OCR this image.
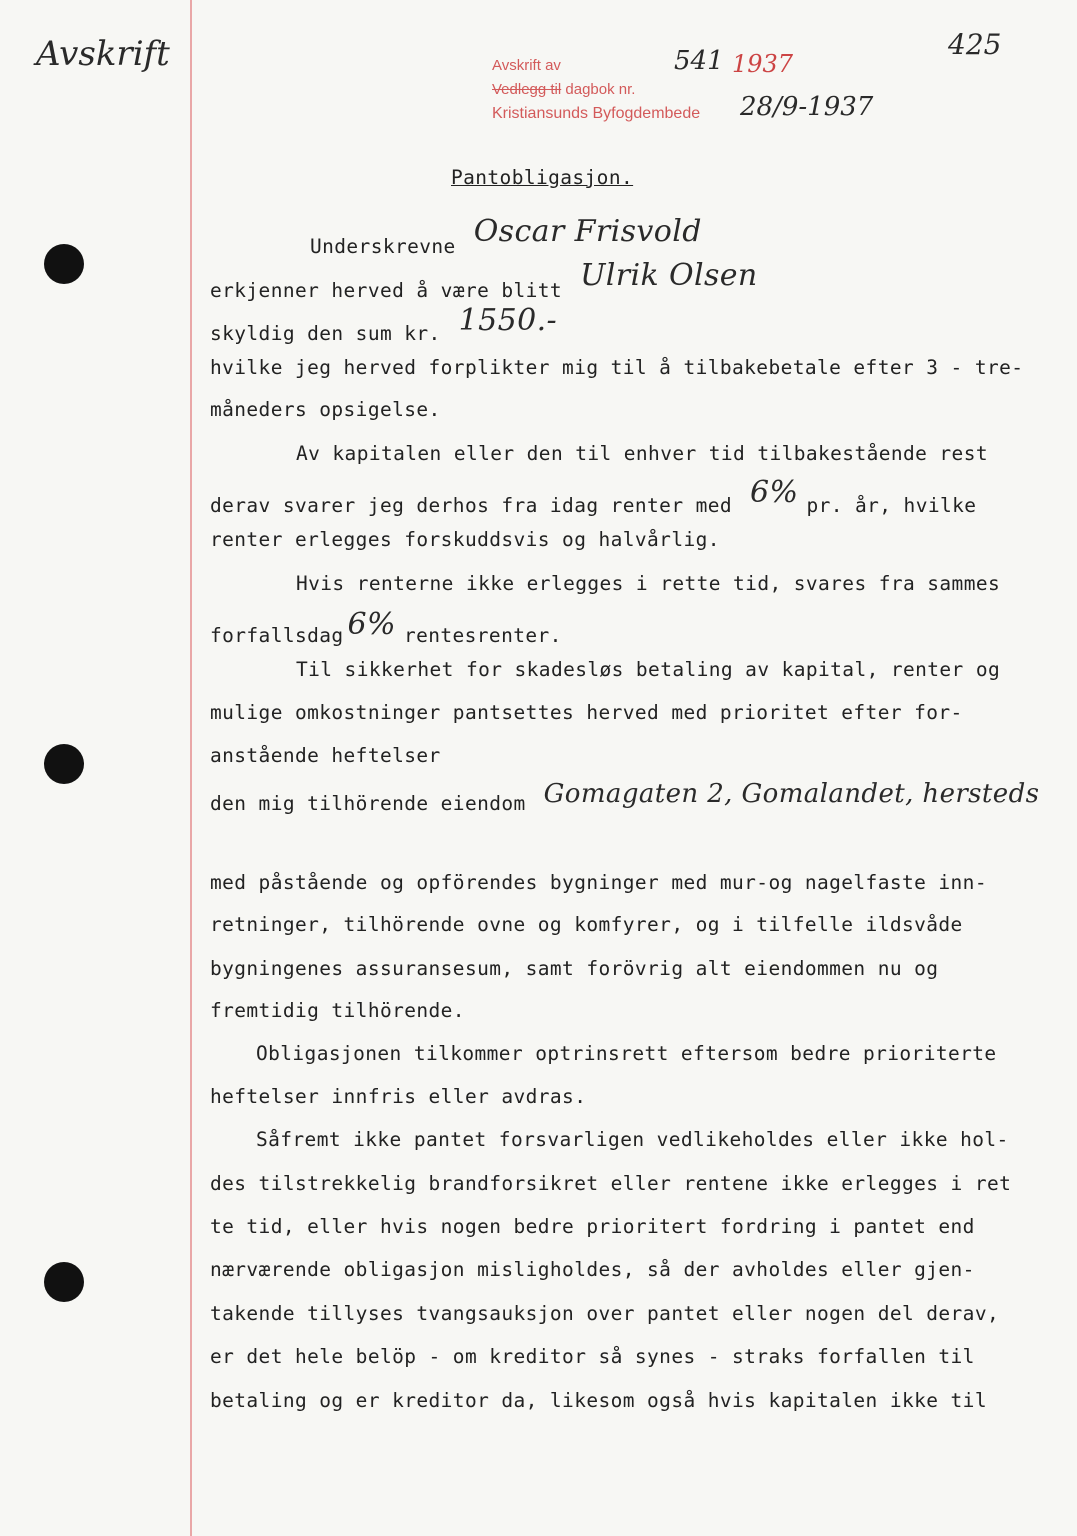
Avskrift	425
Avskrift av
Vedlegg til dagbok nr.
Kristiansunds Byfogdembede
541 1937
28/9-1937
Pantobligasjon.
Underskrevne Oscar Frisvold
erkjenner herved å være blitt Ulrik Olsen
skyldig den sum kr. 1550.-
hvilke jeg herved forplikter mig til å tilbakebetale efter 3 - tre-
måneders opsigelse.
Av kapitalen eller den til enhver tid tilbakestående rest
derav svarer jeg derhos fra idag renter med 6% pr. år, hvilke
renter erlegges forskuddsvis og halvårlig.
Hvis renterne ikke erlegges i rette tid, svares fra sammes
forfallsdag 6% rentesrenter.
Til sikkerhet for skadesløs betaling av kapital, renter og
mulige omkostninger pantsettes herved med prioritet efter for-
anstående heftelser
den mig tilhörende eiendom Gomagaten 2, Gomalandet, hersteds
med påstående og opförendes bygninger med mur-og nagelfaste inn-
retninger, tilhörende ovne og komfyrer, og i tilfelle ildsvåde
bygningenes assuransesum, samt forövrig alt eiendommen nu og
fremtidig tilhörende.
Obligasjonen tilkommer optrinsrett eftersom bedre prioriterte
heftelser innfris eller avdras.
Såfremt ikke pantet forsvarligen vedlikeholdes eller ikke hol-
des tilstrekkelig brandforsikret eller rentene ikke erlegges i ret
te tid, eller hvis nogen bedre prioritert fordring i pantet end
nærværende obligasjon misligholdes, så der avholdes eller gjen-
takende tillyses tvangsauksjon over pantet eller nogen del derav,
er det hele belöp - om kreditor så synes - straks forfallen til
betaling og er kreditor da, likesom også hvis kapitalen ikke til
